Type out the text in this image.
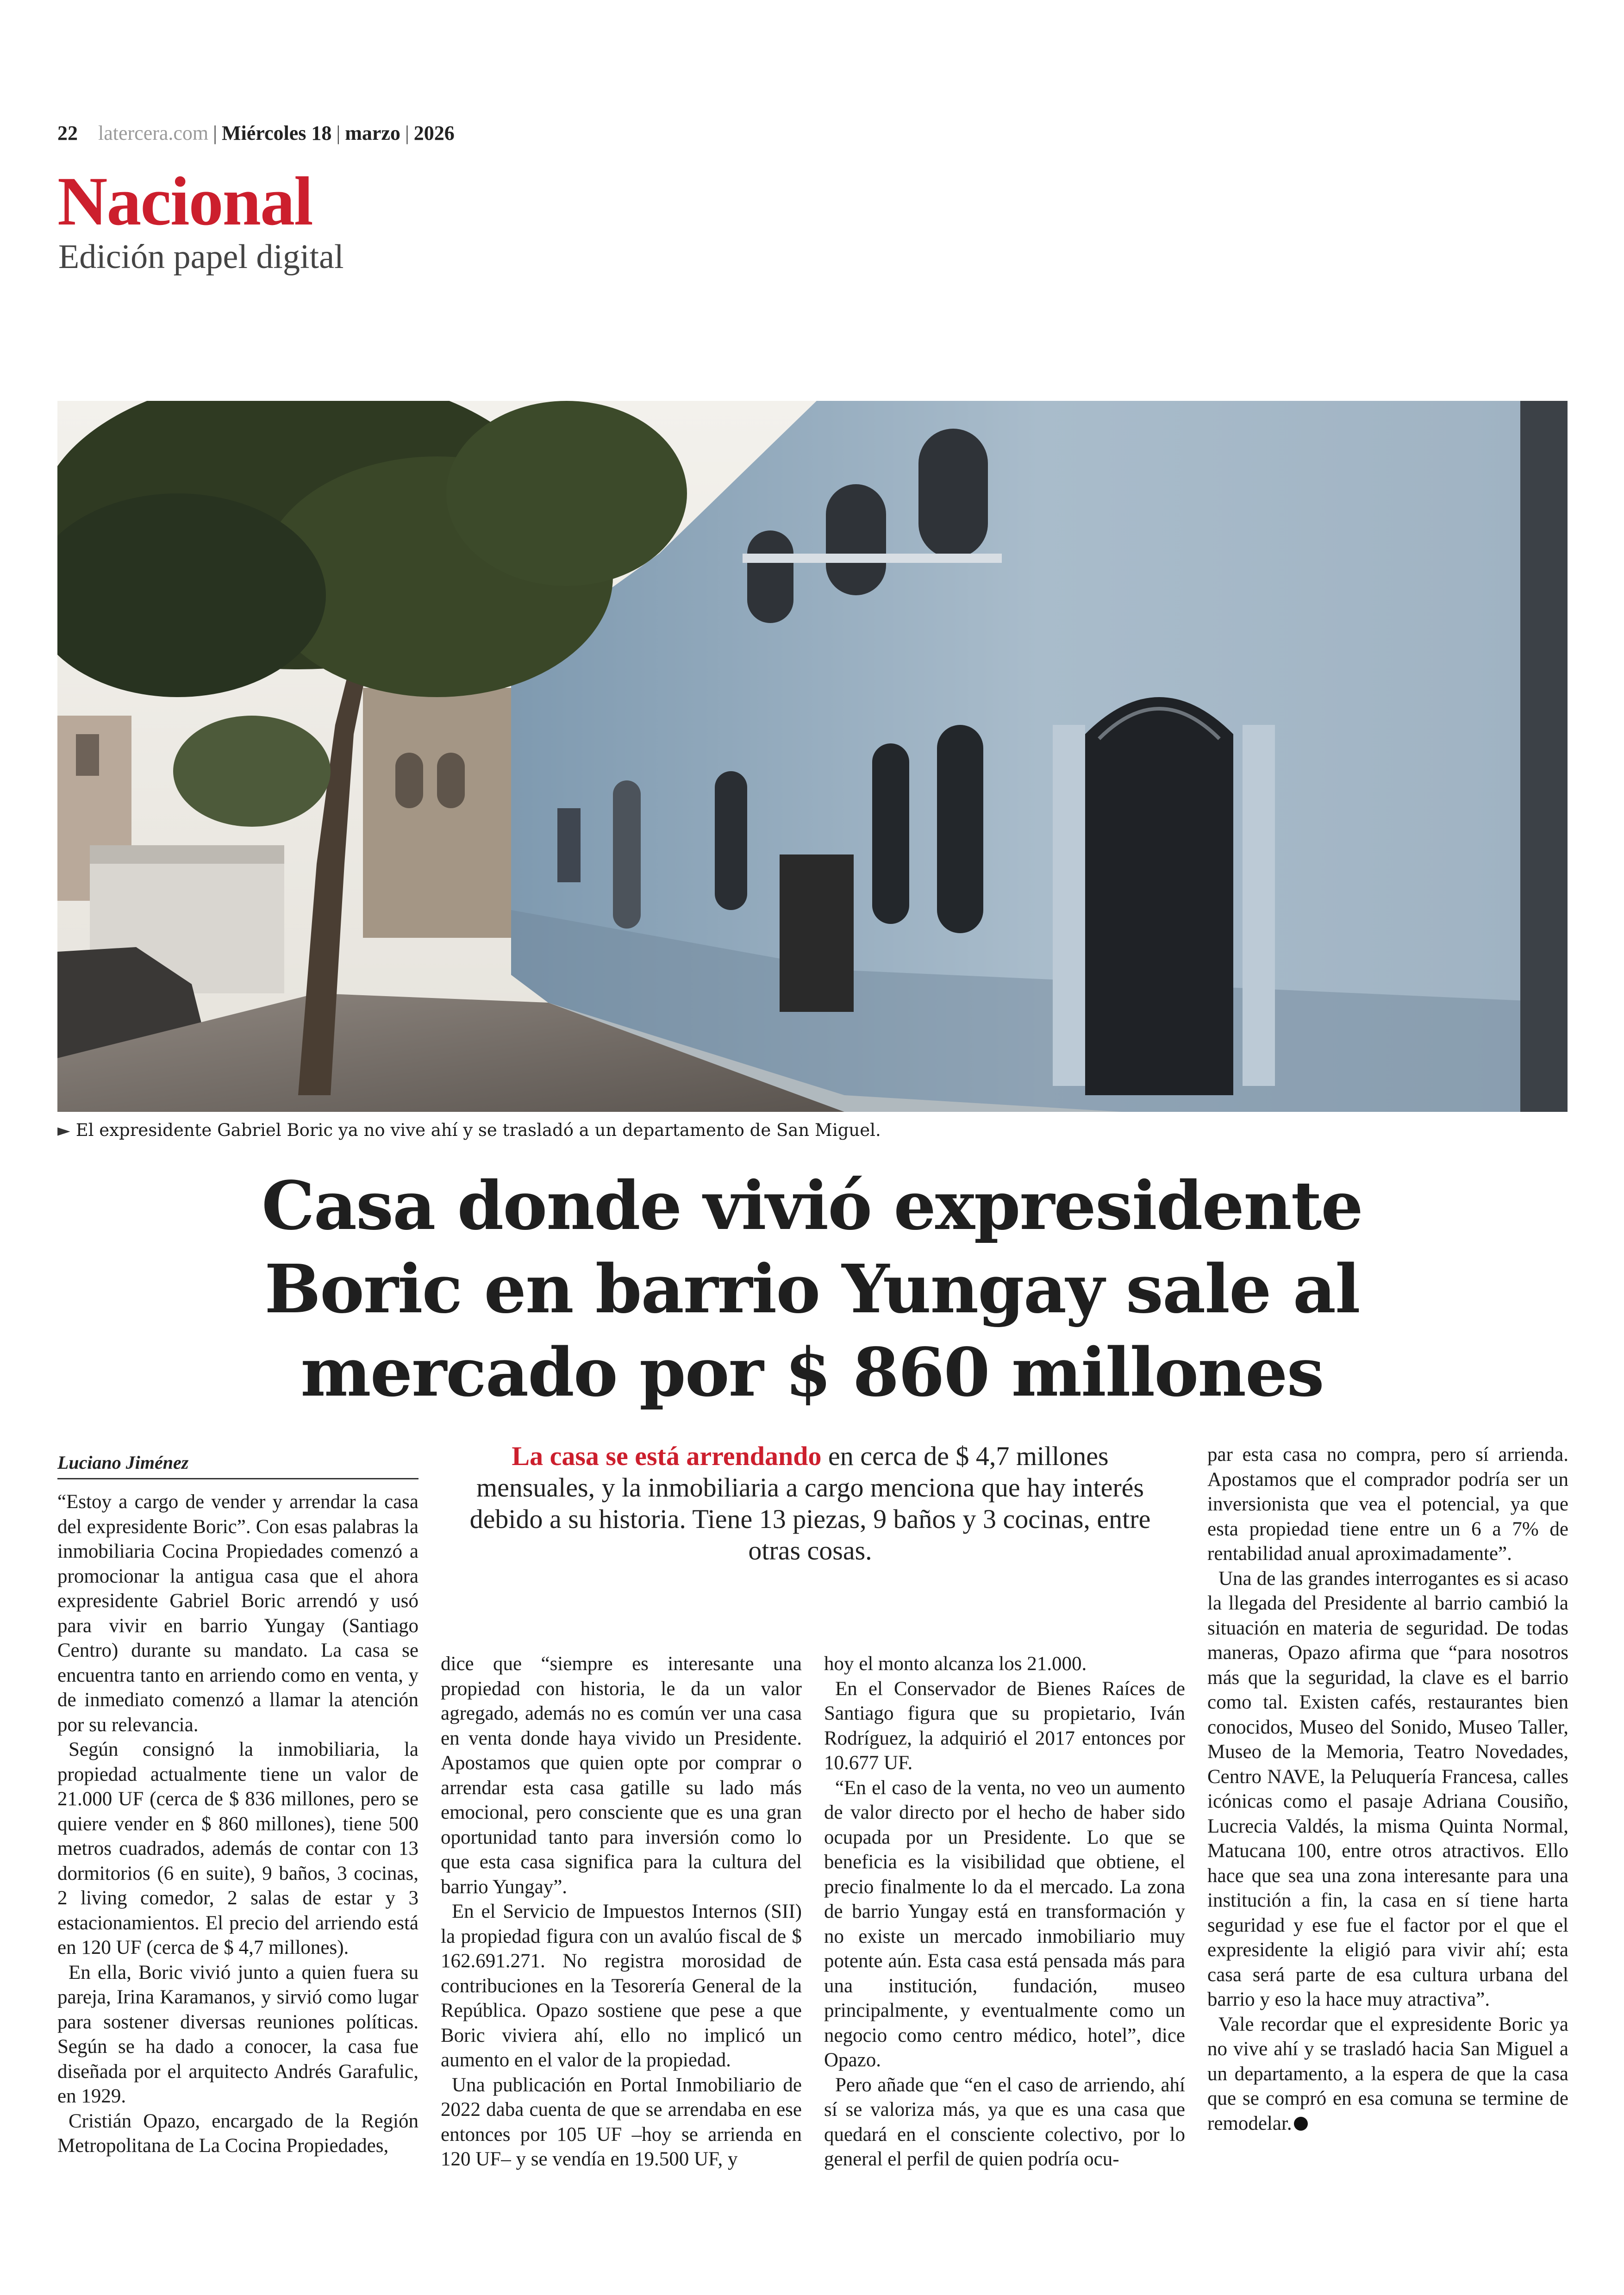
22 latercera.com | Miércoles 18 | marzo | 2026
Nacional
Edición papel digital
► El expresidente Gabriel Boric ya no vive ahí y se trasladó a un departamento de San Miguel.
Casa donde vivió expresidente
Boric en barrio Yungay sale al
mercado por $ 860 millones
Luciano Jiménez	La casa se está arrendando en cerca de $ 4,7 millones mensuales, y la inmobiliaria a cargo menciona que hay interés debido a su historia. Tiene 13 piezas, 9 baños y 3 cocinas, entre otras cosas.

“Estoy a cargo de vender y arrendar la casa del expresidente Boric”. Con esas palabras la inmobiliaria Cocina Propiedades comenzó a promocionar la antigua casa que el ahora expresidente Gabriel Boric arrendó y usó para vivir en barrio Yungay (Santiago Centro) durante su mandato. La casa se encuentra tanto en arriendo como en venta, y de inmediato comenzó a llamar la atención por su relevancia.

Según consignó la inmobiliaria, la propiedad actualmente tiene un valor de 21.000 UF (cerca de $ 836 millones, pero se quiere vender en $ 860 millones), tiene 500 metros cuadrados, además de contar con 13 dormitorios (6 en suite), 9 baños, 3 cocinas, 2 living comedor, 2 salas de estar y 3 estacionamientos. El precio del arriendo está en 120 UF (cerca de $ 4,7 millones).

En ella, Boric vivió junto a quien fuera su pareja, Irina Karamanos, y sirvió como lugar para sostener diversas reuniones políticas. Según se ha dado a conocer, la casa fue diseñada por el arquitecto Andrés Garafulic, en 1929.

Cristián Opazo, encargado de la Región Metropolitana de La Cocina Propiedades,

dice que “siempre es interesante una propiedad con historia, le da un valor agregado, además no es común ver una casa en venta donde haya vivido un Presidente. Apostamos que quien opte por comprar o arrendar esta casa gatille su lado más emocional, pero consciente que es una gran oportunidad tanto para inversión como lo que esta casa significa para la cultura del barrio Yungay”.

En el Servicio de Impuestos Internos (SII) la propiedad figura con un avalúo fiscal de $ 162.691.271. No registra morosidad de contribuciones en la Tesorería General de la República. Opazo sostiene que pese a que Boric viviera ahí, ello no implicó un aumento en el valor de la propiedad.

Una publicación en Portal Inmobiliario de 2022 daba cuenta de que se arrendaba en ese entonces por 105 UF –hoy se arrienda en 120 UF– y se vendía en 19.500 UF, y

hoy el monto alcanza los 21.000.

En el Conservador de Bienes Raíces de Santiago figura que su propietario, Iván Rodríguez, la adquirió el 2017 entonces por 10.677 UF.

“En el caso de la venta, no veo un aumento de valor directo por el hecho de haber sido ocupada por un Presidente. Lo que se beneficia es la visibilidad que obtiene, el precio finalmente lo da el mercado. La zona de barrio Yungay está en transformación y no existe un mercado inmobiliario muy potente aún. Esta casa está pensada más para una institución, fundación, museo principalmente, y eventualmente como un negocio como centro médico, hotel”, dice Opazo.

Pero añade que “en el caso de arriendo, ahí sí se valoriza más, ya que es una casa que quedará en el consciente colectivo, por lo general el perfil de quien podría ocu-

par esta casa no compra, pero sí arrienda. Apostamos que el comprador podría ser un inversionista que vea el potencial, ya que esta propiedad tiene entre un 6 a 7% de rentabilidad anual aproximadamente”.

Una de las grandes interrogantes es si acaso la llegada del Presidente al barrio cambió la situación en materia de seguridad. De todas maneras, Opazo afirma que “para nosotros más que la seguridad, la clave es el barrio como tal. Existen cafés, restaurantes bien conocidos, Museo del Sonido, Museo Taller, Museo de la Memoria, Teatro Novedades, Centro NAVE, la Peluquería Francesa, calles icónicas como el pasaje Adriana Cousiño, Lucrecia Valdés, la misma Quinta Normal, Matucana 100, entre otros atractivos. Ello hace que sea una zona interesante para una institución a fin, la casa en sí tiene harta seguridad y ese fue el factor por el que el expresidente la eligió para vivir ahí; esta casa será parte de esa cultura urbana del barrio y eso la hace muy atractiva”.

Vale recordar que el expresidente Boric ya no vive ahí y se trasladó hacia San Miguel a un departamento, a la espera de que la casa que se compró en esa comuna se termine de remodelar.
